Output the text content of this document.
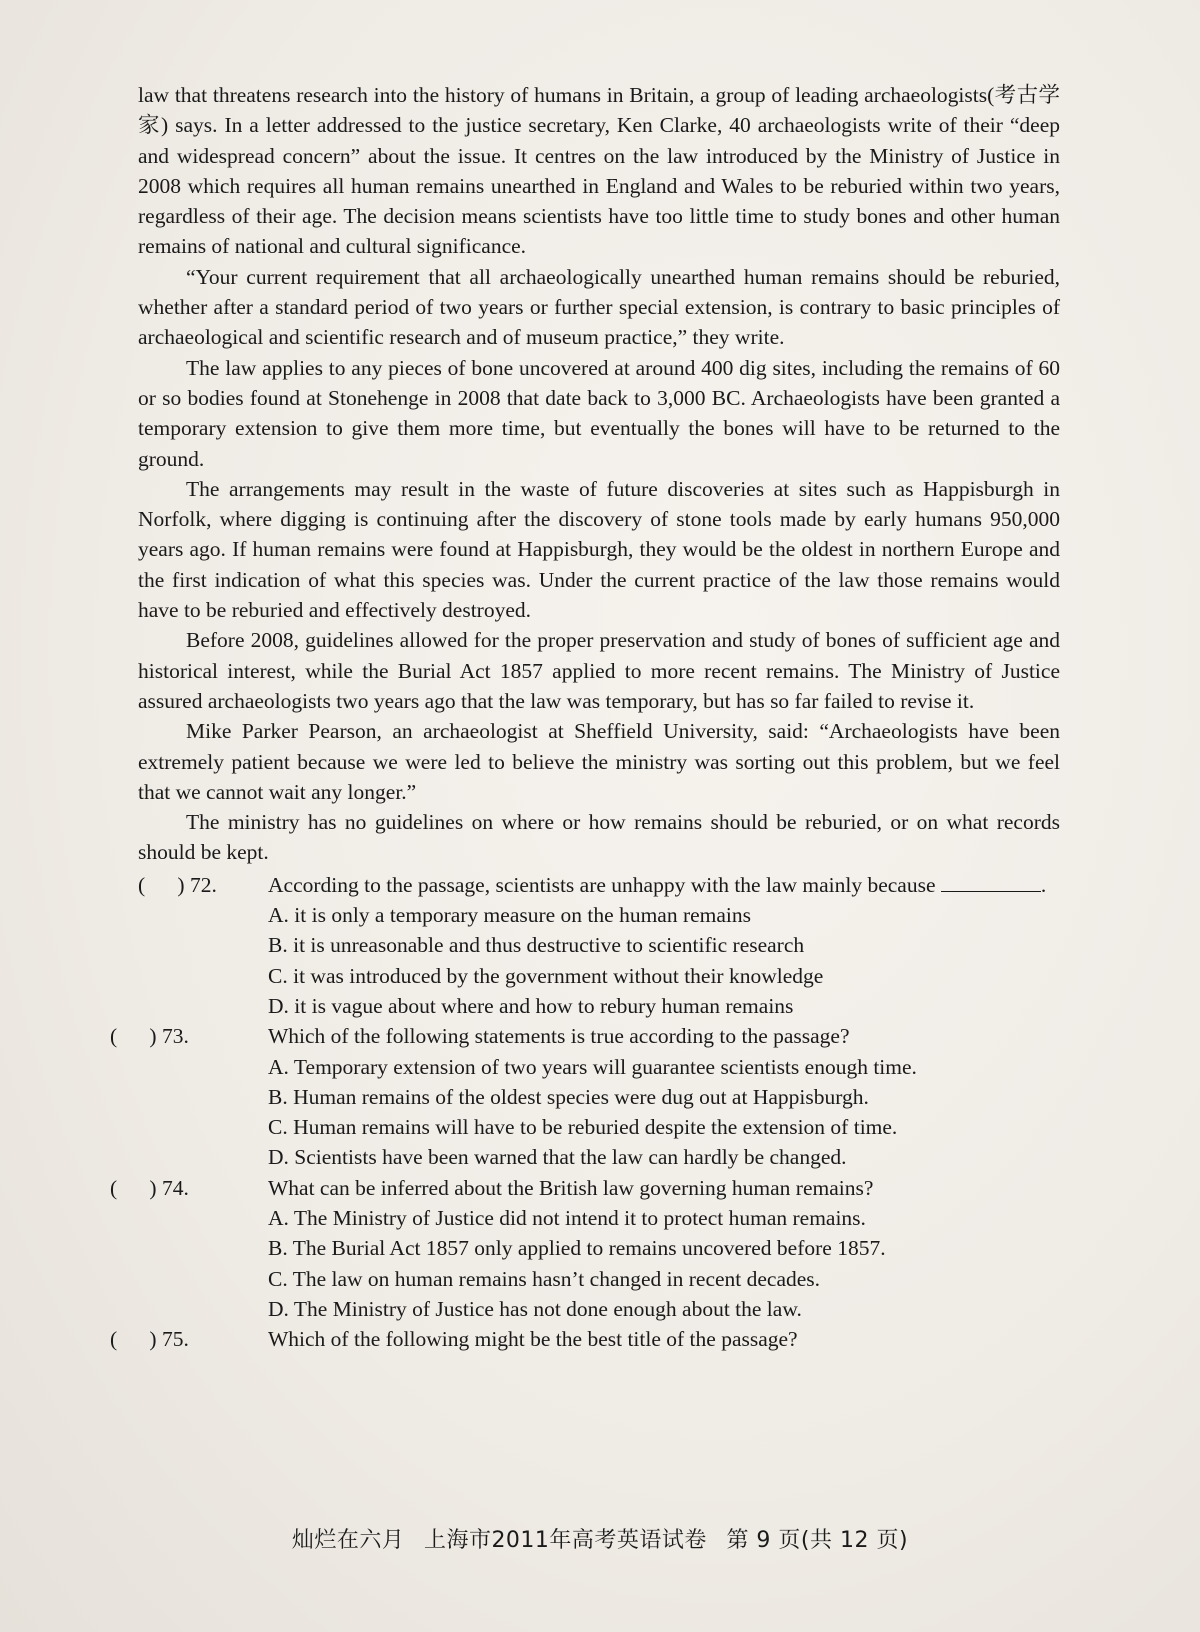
law that threatens research into the history of humans in Britain, a group of leading archaeologists(考古学家) says. In a letter addressed to the justice secretary, Ken Clarke, 40 archaeologists write of their “deep and widespread concern” about the issue. It centres on the law introduced by the Ministry of Justice in 2008 which requires all human remains unearthed in England and Wales to be reburied within two years, regardless of their age. The decision means scientists have too little time to study bones and other human remains of national and cultural significance.

“Your current requirement that all archaeologically unearthed human remains should be reburied, whether after a standard period of two years or further special extension, is contrary to basic principles of archaeological and scientific research and of museum practice,” they write.

The law applies to any pieces of bone uncovered at around 400 dig sites, including the remains of 60 or so bodies found at Stonehenge in 2008 that date back to 3,000 BC. Archaeologists have been granted a temporary extension to give them more time, but eventually the bones will have to be returned to the ground.

The arrangements may result in the waste of future discoveries at sites such as Happisburgh in Norfolk, where digging is continuing after the discovery of stone tools made by early humans 950,000 years ago. If human remains were found at Happisburgh, they would be the oldest in northern Europe and the first indication of what this species was. Under the current practice of the law those remains would have to be reburied and effectively destroyed.

Before 2008, guidelines allowed for the proper preservation and study of bones of sufficient age and historical interest, while the Burial Act 1857 applied to more recent remains. The Ministry of Justice assured archaeologists two years ago that the law was temporary, but has so far failed to revise it.

Mike Parker Pearson, an archaeologist at Sheffield University, said: “Archaeologists have been extremely patient because we were led to believe the ministry was sorting out this problem, but we feel that we cannot wait any longer.”

The ministry has no guidelines on where or how remains should be reburied, or on what records should be kept.

(      ) 72.	According to the passage, scientists are unhappy with the law mainly because	.
A. it is only a temporary measure on the human remains
B. it is unreasonable and thus destructive to scientific research
C. it was introduced by the government without their knowledge
D. it is vague about where and how to rebury human remains
(      ) 73.	Which of the following statements is true according to the passage?
A. Temporary extension of two years will guarantee scientists enough time.
B. Human remains of the oldest species were dug out at Happisburgh.
C. Human remains will have to be reburied despite the extension of time.
D. Scientists have been warned that the law can hardly be changed.
(      ) 74.	What can be inferred about the British law governing human remains?
A. The Ministry of Justice did not intend it to protect human remains.
B. The Burial Act 1857 only applied to remains uncovered before 1857.
C. The law on human remains hasn’t changed in recent decades.
D. The Ministry of Justice has not done enough about the law.
(      ) 75.	Which of the following might be the best title of the passage?
灿烂在六月 上海市2011年高考英语试卷 第 9 页(共 12 页)
